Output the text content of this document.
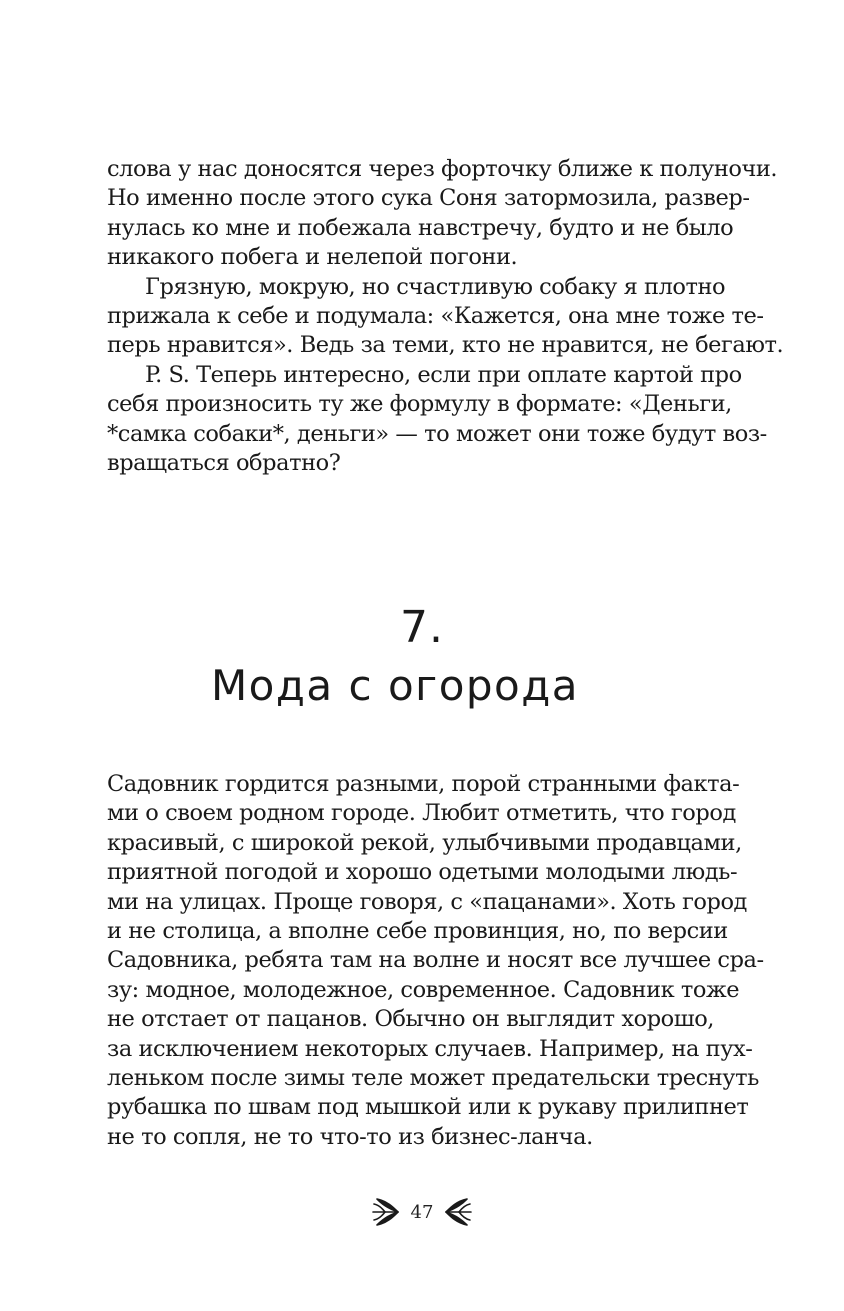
слова у нас доносятся через форточку ближе к полуночи.
Но именно после этого сука Соня затормозила, развер-
нулась ко мне и побежала навстречу, будто и не было
никакого побега и нелепой погони.
Грязную, мокрую, но счастливую собаку я плотно
прижала к себе и подумала: «Кажется, она мне тоже те-
перь нравится». Ведь за теми, кто не нравится, не бегают.
P. S. Теперь интересно, если при оплате картой про
себя произносить ту же формулу в формате: «Деньги,
*самка собаки*, деньги» — то может они тоже будут воз-
вращаться обратно?
7.
Мода с огорода
Садовник гордится разными, порой странными факта-
ми о своем родном городе. Любит отметить, что город
красивый, с широкой рекой, улыбчивыми продавцами,
приятной погодой и хорошо одетыми молодыми людь-
ми на улицах. Проще говоря, с «пацанами». Хоть город
и не столица, а вполне себе провинция, но, по версии
Садовника, ребята там на волне и носят все лучшее сра-
зу: модное, молодежное, современное. Садовник тоже
не отстает от пацанов. Обычно он выглядит хорошо,
за исключением некоторых случаев. Например, на пух-
леньком после зимы теле может предательски треснуть
рубашка по швам под мышкой или к рукаву прилипнет
не то сопля, не то что-то из бизнес-ланча.
47
